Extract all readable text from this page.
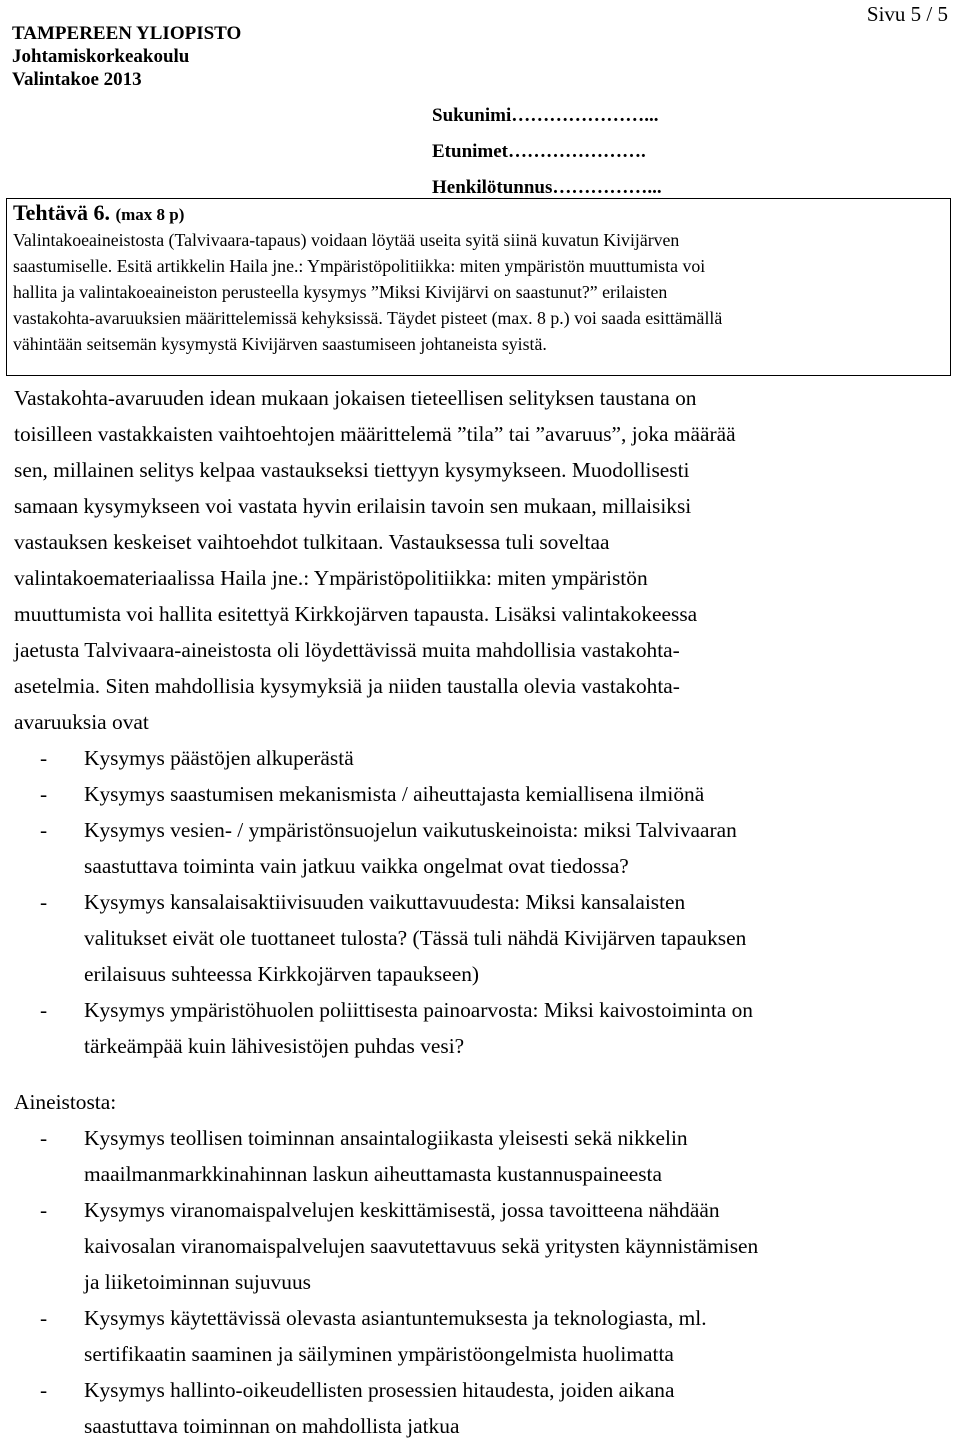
TAMPEREEN YLIOPISTO
Johtamiskorkeakoulu
Valintakoe 2013
Sivu 5 / 5
Sukunimi…………………...
Etunimet………………….
Henkilötunnus……………...
Tehtävä 6. (max 8 p)
Valintakoeaineistosta (Talvivaara-tapaus) voidaan löytää useita syitä siinä kuvatun Kivijärven
saastumiselle. Esitä artikkelin Haila jne.: Ympäristöpolitiikka: miten ympäristön muuttumista voi
hallita ja valintakoeaineiston perusteella kysymys ”Miksi Kivijärvi on saastunut?” erilaisten
vastakohta-avaruuksien määrittelemissä kehyksissä. Täydet pisteet (max. 8 p.) voi saada esittämällä
vähintään seitsemän kysymystä Kivijärven saastumiseen johtaneista syistä.

Vastakohta-avaruuden idean mukaan jokaisen tieteellisen selityksen taustana on

toisilleen vastakkaisten vaihtoehtojen määrittelemä ”tila” tai ”avaruus”, joka määrää

sen, millainen selitys kelpaa vastaukseksi tiettyyn kysymykseen. Muodollisesti

samaan kysymykseen voi vastata hyvin erilaisin tavoin sen mukaan, millaisiksi

vastauksen keskeiset vaihtoehdot tulkitaan. Vastauksessa tuli soveltaa

valintakoemateriaalissa Haila jne.: Ympäristöpolitiikka: miten ympäristön

muuttumista voi hallita esitettyä Kirkkojärven tapausta. Lisäksi valintakokeessa

jaetusta Talvivaara-aineistosta oli löydettävissä muita mahdollisia vastakohta-

asetelmia. Siten mahdollisia kysymyksiä ja niiden taustalla olevia vastakohta-

avaruuksia ovat

- Kysymys päästöjen alkuperästä
- Kysymys saastumisen mekanismista / aiheuttajasta kemiallisena ilmiönä
- Kysymys vesien- / ympäristönsuojelun vaikutuskeinoista: miksi Talvivaaran
saastuttava toiminta vain jatkuu vaikka ongelmat ovat tiedossa?
- Kysymys kansalaisaktiivisuuden vaikuttavuudesta: Miksi kansalaisten
valitukset eivät ole tuottaneet tulosta? (Tässä tuli nähdä Kivijärven tapauksen
erilaisuus suhteessa Kirkkojärven tapaukseen)
- Kysymys ympäristöhuolen poliittisesta painoarvosta: Miksi kaivostoiminta on
tärkeämpää kuin lähivesistöjen puhdas vesi?

Aineistosta:

- Kysymys teollisen toiminnan ansaintalogiikasta yleisesti sekä nikkelin
maailmanmarkkinahinnan laskun aiheuttamasta kustannuspaineesta
- Kysymys viranomaispalvelujen keskittämisestä, jossa tavoitteena nähdään
kaivosalan viranomaispalvelujen saavutettavuus sekä yritysten käynnistämisen
ja liiketoiminnan sujuvuus
- Kysymys käytettävissä olevasta asiantuntemuksesta ja teknologiasta, ml.
sertifikaatin saaminen ja säilyminen ympäristöongelmista huolimatta
- Kysymys hallinto-oikeudellisten prosessien hitaudesta, joiden aikana
saastuttava toiminnan on mahdollista jatkua
